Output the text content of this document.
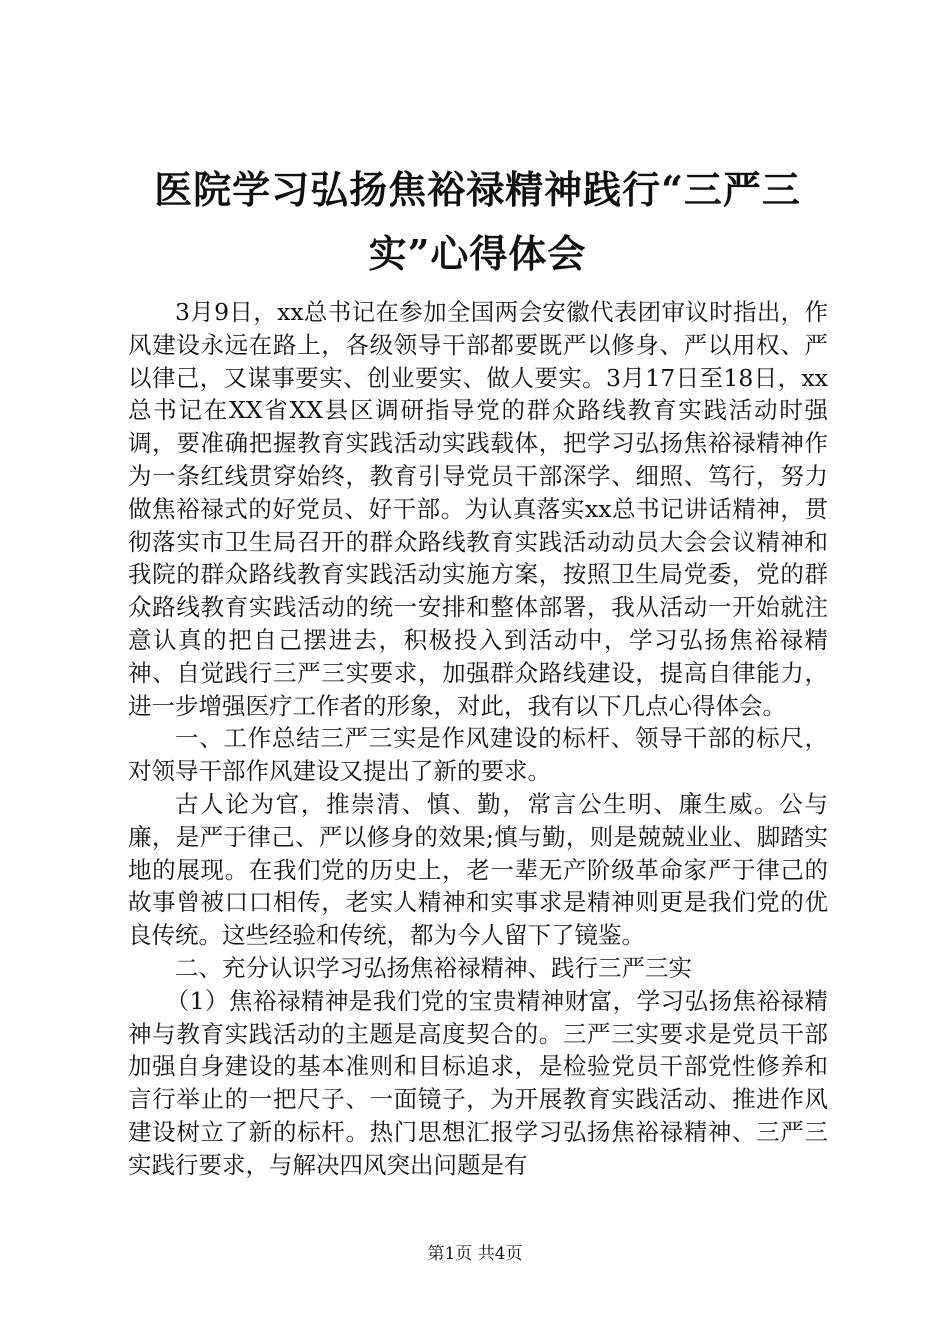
医院学习弘扬焦裕禄精神践行“三严三实”心得体会

3月9日，xx总书记在参加全国两会安徽代表团审议时指出，作风建设永远在路上，各级领导干部都要既严以修身、严以用权、严以律己，又谋事要实、创业要实、做人要实。3月17日至18日，xx总书记在XX省XX县区调研指导党的群众路线教育实践活动时强调，要准确把握教育实践活动实践载体，把学习弘扬焦裕禄精神作为一条红线贯穿始终，教育引导党员干部深学、细照、笃行，努力做焦裕禄式的好党员、好干部。为认真落实xx总书记讲话精神，贯彻落实市卫生局召开的群众路线教育实践活动动员大会会议精神和我院的群众路线教育实践活动实施方案，按照卫生局党委，党的群众路线教育实践活动的统一安排和整体部署，我从活动一开始就注意认真的把自己摆进去，积极投入到活动中，学习弘扬焦裕禄精神、自觉践行三严三实要求，加强群众路线建设，提高自律能力，进一步增强医疗工作者的形象，对此，我有以下几点心得体会。

一、工作总结三严三实是作风建设的标杆、领导干部的标尺，对领导干部作风建设又提出了新的要求。

古人论为官，推崇清、慎、勤，常言公生明、廉生威。公与廉，是严于律己、严以修身的效果;慎与勤，则是兢兢业业、脚踏实地的展现。在我们党的历史上，老一辈无产阶级革命家严于律己的故事曾被口口相传，老实人精神和实事求是精神则更是我们党的优良传统。这些经验和传统，都为今人留下了镜鉴。

二、充分认识学习弘扬焦裕禄精神、践行三严三实

（1）焦裕禄精神是我们党的宝贵精神财富，学习弘扬焦裕禄精神与教育实践活动的主题是高度契合的。三严三实要求是党员干部加强自身建设的基本准则和目标追求，是检验党员干部党性修养和言行举止的一把尺子、一面镜子，为开展教育实践活动、推进作风建设树立了新的标杆。热门思想汇报学习弘扬焦裕禄精神、三严三实践行要求，与解决四风突出问题是有

第1页 共4页
